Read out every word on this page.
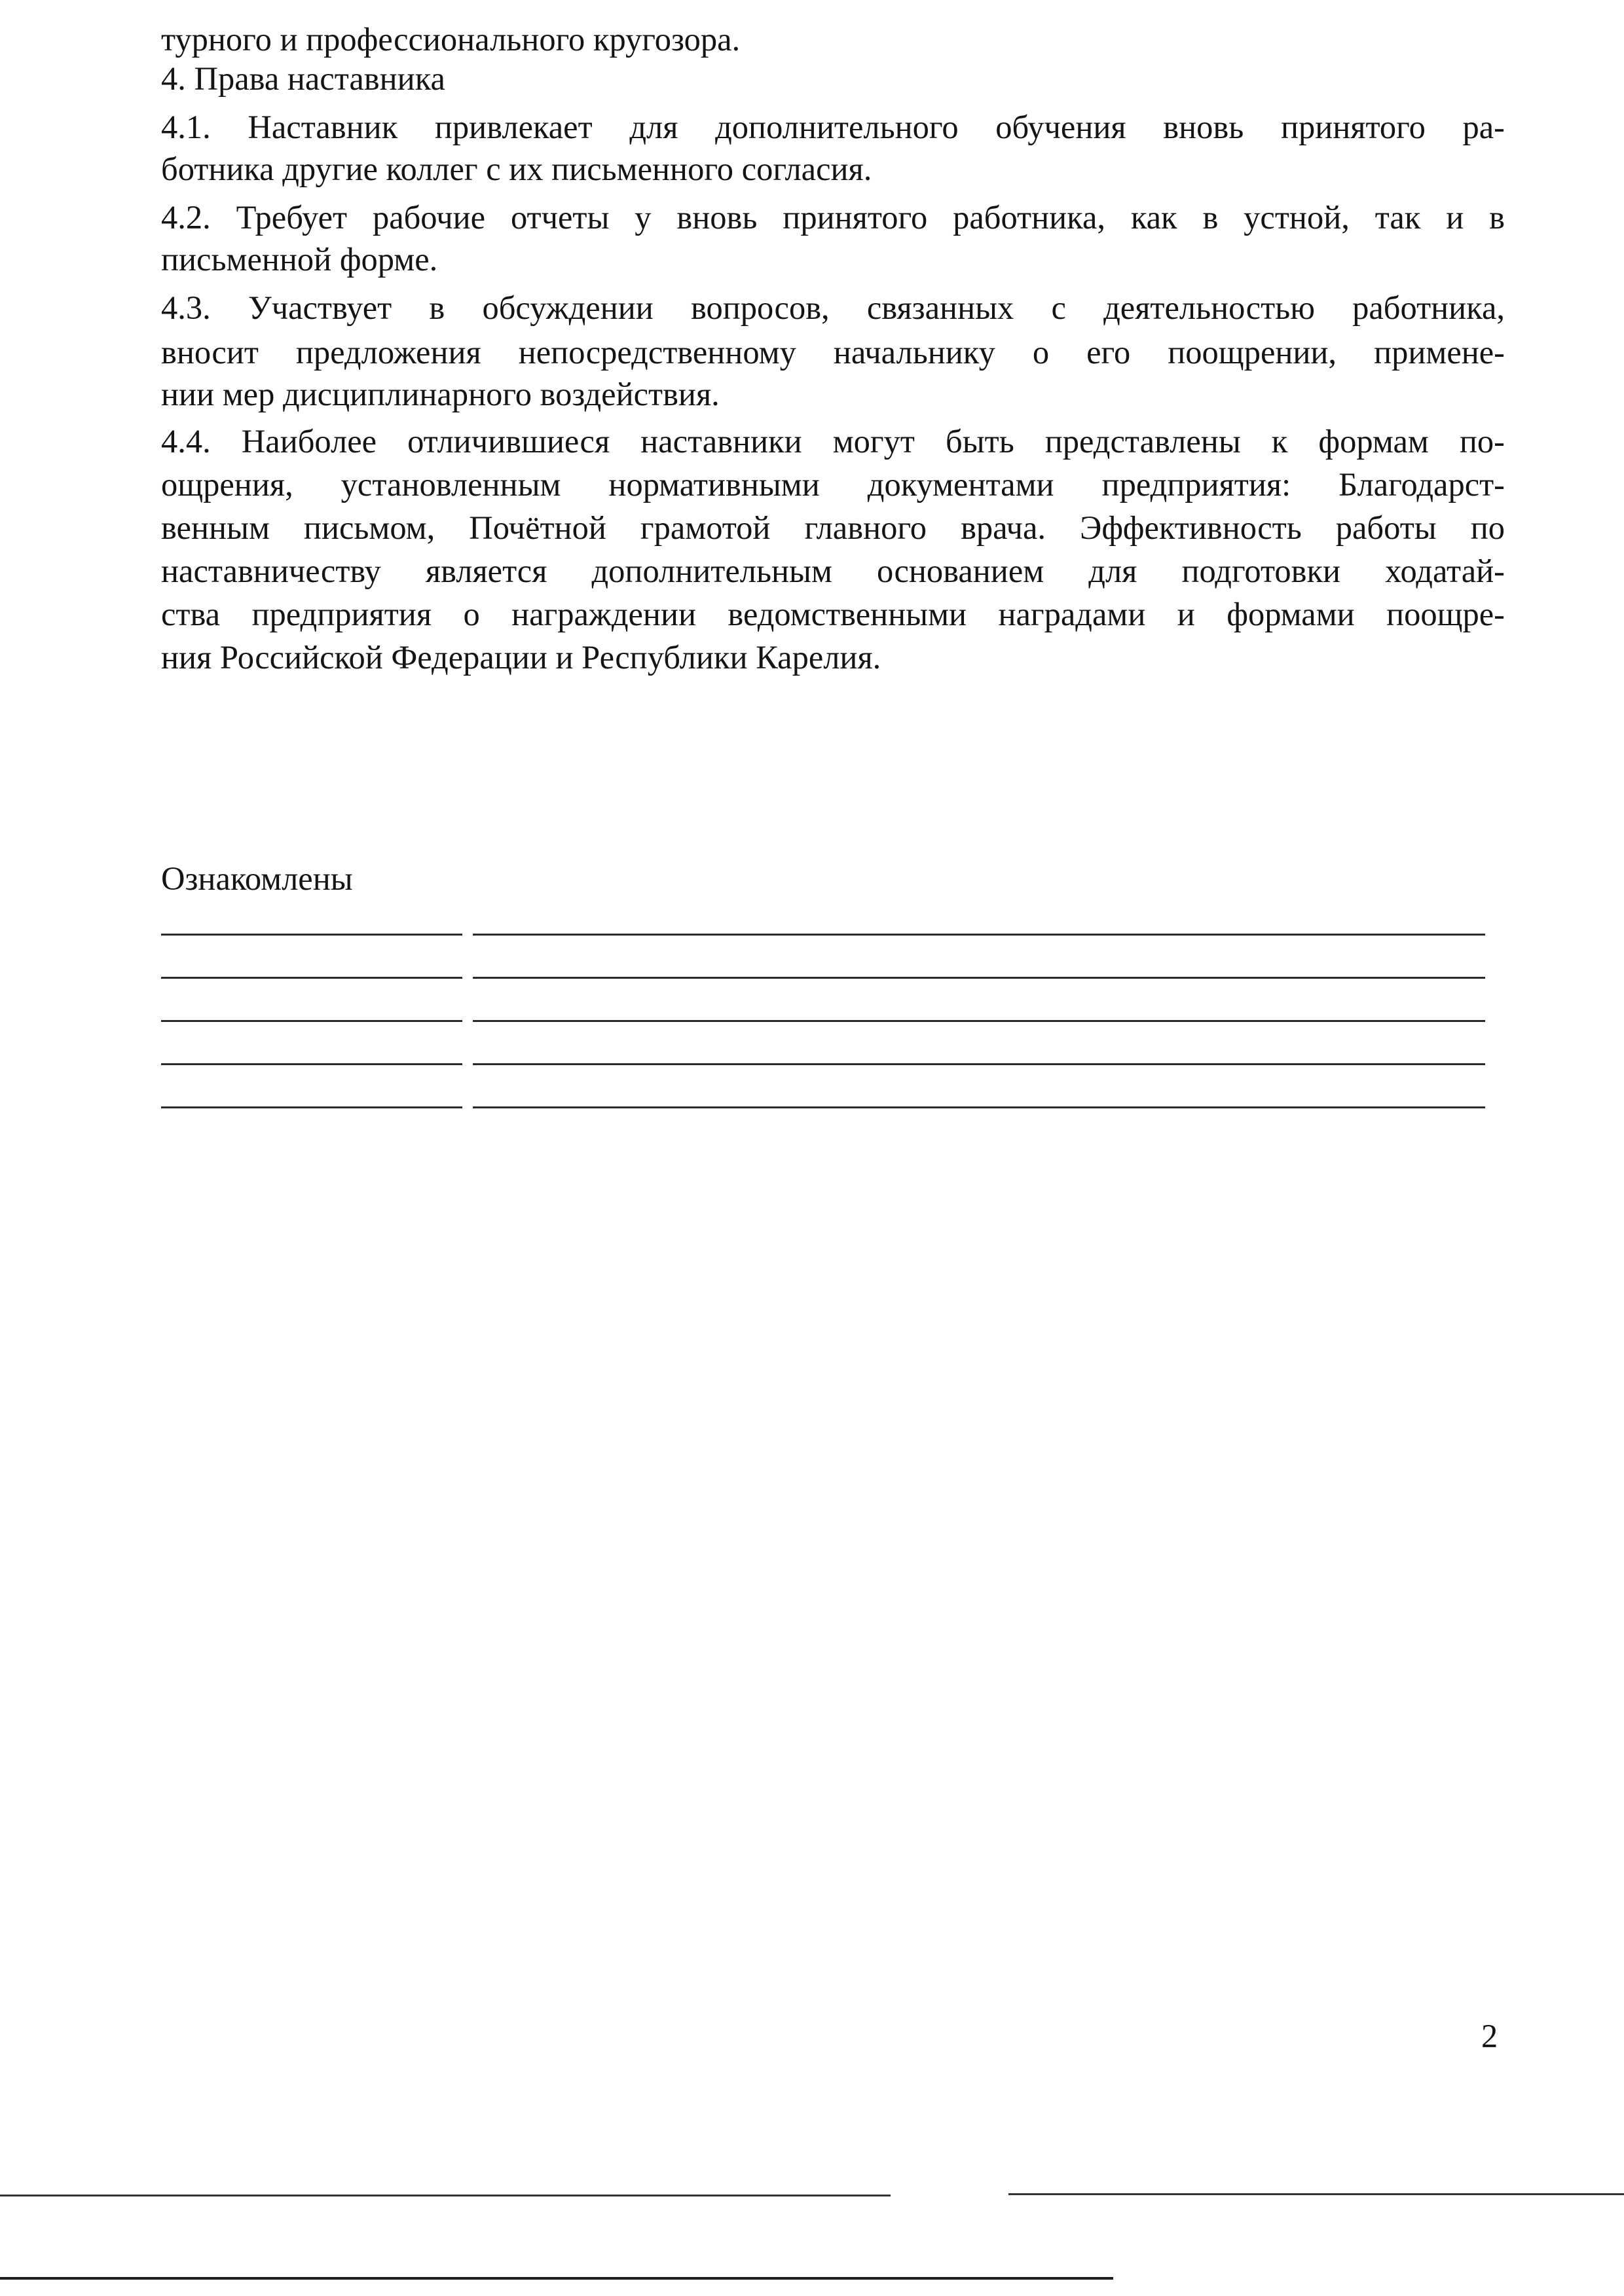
турного и профессионального кругозора.

4. Права наставника

4.1. Наставник привлекает для дополнительного обучения вновь принятого ра-

ботника другие коллег с их письменного согласия.

4.2. Требует рабочие отчеты у вновь принятого работника, как в устной, так и в

письменной форме.

4.3. Участвует в обсуждении вопросов, связанных с деятельностью работника,

вносит предложения непосредственному начальнику о его поощрении, примене-

нии мер дисциплинарного воздействия.

4.4. Наиболее отличившиеся наставники могут быть представлены к формам по-

ощрения, установленным нормативными документами предприятия: Благодарст-

венным письмом, Почётной грамотой главного врача. Эффективность работы по

наставничеству является дополнительным основанием для подготовки ходатай-

ства предприятия о награждении ведомственными наградами и формами поощре-

ния Российской Федерации и Республики Карелия.

Ознакомлены

2
